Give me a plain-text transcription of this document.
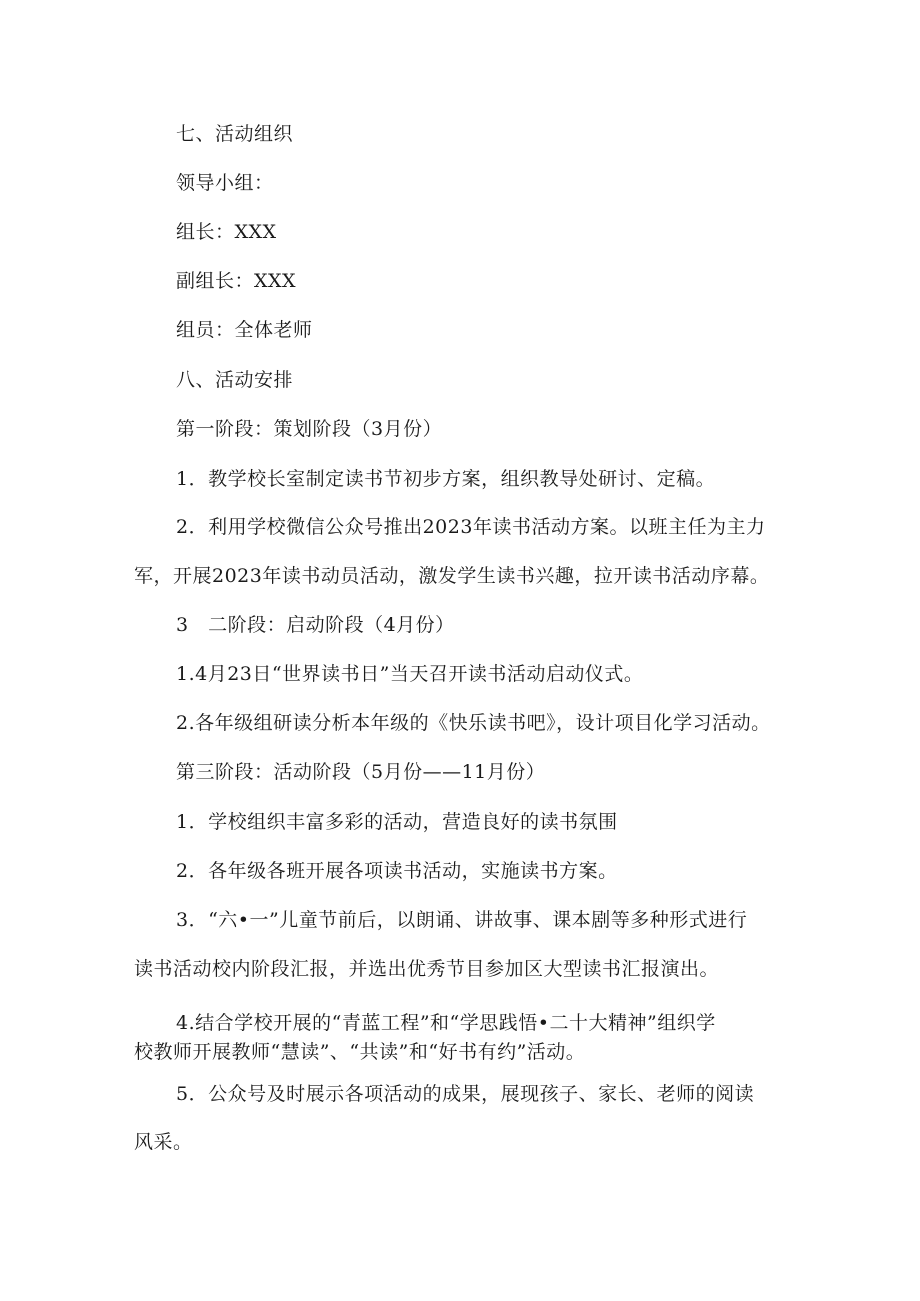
七、活动组织
领导小组：
组长：XXX
副组长：XXX
组员：全体老师
八、活动安排
第一阶段：策划阶段（3月份）
1．教学校长室制定读书节初步方案，组织教导处研讨、定稿。
2．利用学校微信公众号推出2023年读书活动方案。以班主任为主力
军，开展2023年读书动员活动，激发学生读书兴趣，拉开读书活动序幕。
3　二阶段：启动阶段（4月份）
1.4月23日“世界读书日”当天召开读书活动启动仪式。
2.各年级组研读分析本年级的《快乐读书吧》，设计项目化学习活动。
第三阶段：活动阶段（5月份——11月份）
1．学校组织丰富多彩的活动，营造良好的读书氛围
2．各年级各班开展各项读书活动，实施读书方案。
3．“六•一”儿童节前后，以朗诵、讲故事、课本剧等多种形式进行
读书活动校内阶段汇报，并选出优秀节目参加区大型读书汇报演出。
4.结合学校开展的“青蓝工程”和“学思践悟•二十大精神”组织学
校教师开展教师“慧读”、“共读”和“好书有约”活动。
5．公众号及时展示各项活动的成果，展现孩子、家长、老师的阅读
风采。
